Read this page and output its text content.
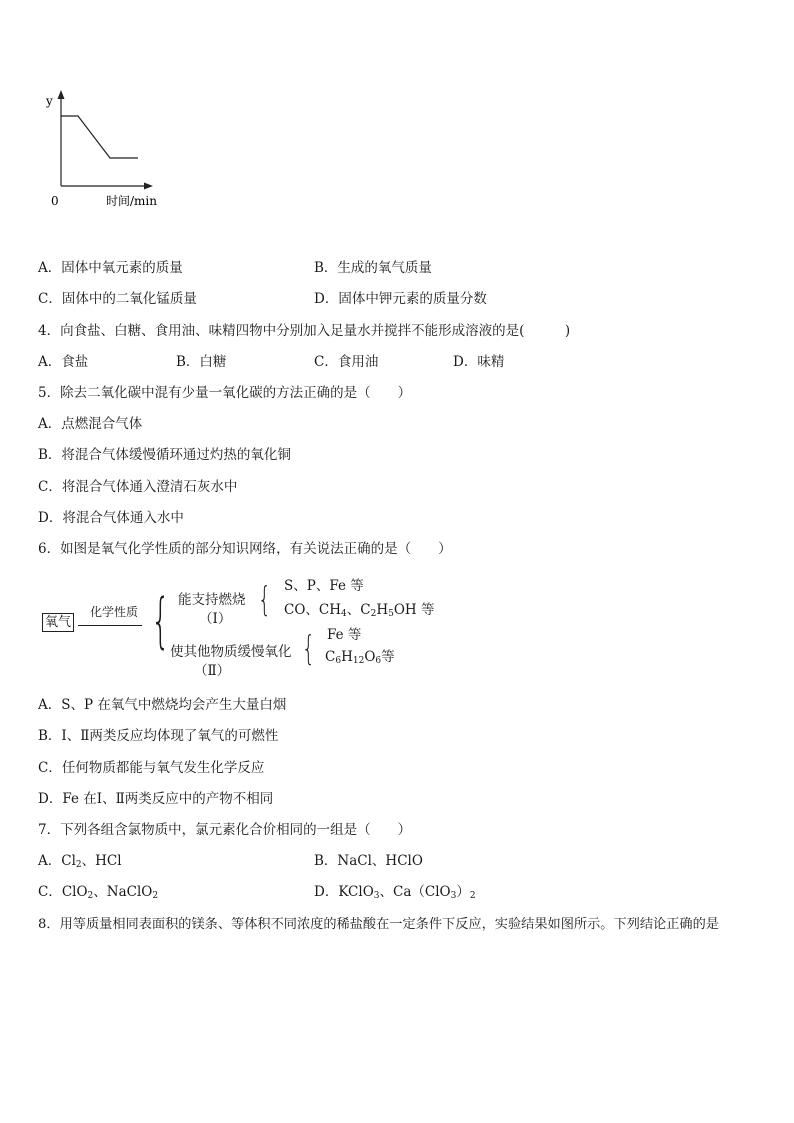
y
0	时间/min
A．固体中氧元素的质量	B．生成的氧气质量
C．固体中的二氧化锰质量	D．固体中钾元素的质量分数
4．向食盐、白糖、食用油、味精四物中分别加入足量水并搅拌不能形成溶液的是(　　　)
A．食盐	B．白糖	C．食用油	D．味精
5．除去二氧化碳中混有少量一氧化碳的方法正确的是（　　）
A．点燃混合气体
B．将混合气体缓慢循环通过灼热的氧化铜
C．将混合气体通入澄清石灰水中
D．将混合气体通入水中
6．如图是氧气化学性质的部分知识网络，有关说法正确的是（　　）
氧气
化学性质 { 能支持燃烧
（Ⅰ） { S、P、Fe 等
CO、$CH_4$、$C_2H_5OH$ 等
使其他物质缓慢氧化
（Ⅱ）
{ Fe 等
$C_6H_{12}O_6$等
A．S、P 在氧气中燃烧均会产生大量白烟
B．Ⅰ、Ⅱ两类反应均体现了氧气的可燃性
C．任何物质都能与氧气发生化学反应
D．Fe 在Ⅰ、Ⅱ两类反应中的产物不相同
7．下列各组含氯物质中，氯元素化合价相同的一组是（　　）
A．$Cl_2$、HCl	B．NaCl、HClO
C．ClO$_2$、NaClO$_2$	D．KClO$_3$、$Ca(ClO_3)_2$
8．用等质量相同表面积的镁条、等体积不同浓度的稀盐酸在一定条件下反应，实验结果如图所示。下列结论正确的是
